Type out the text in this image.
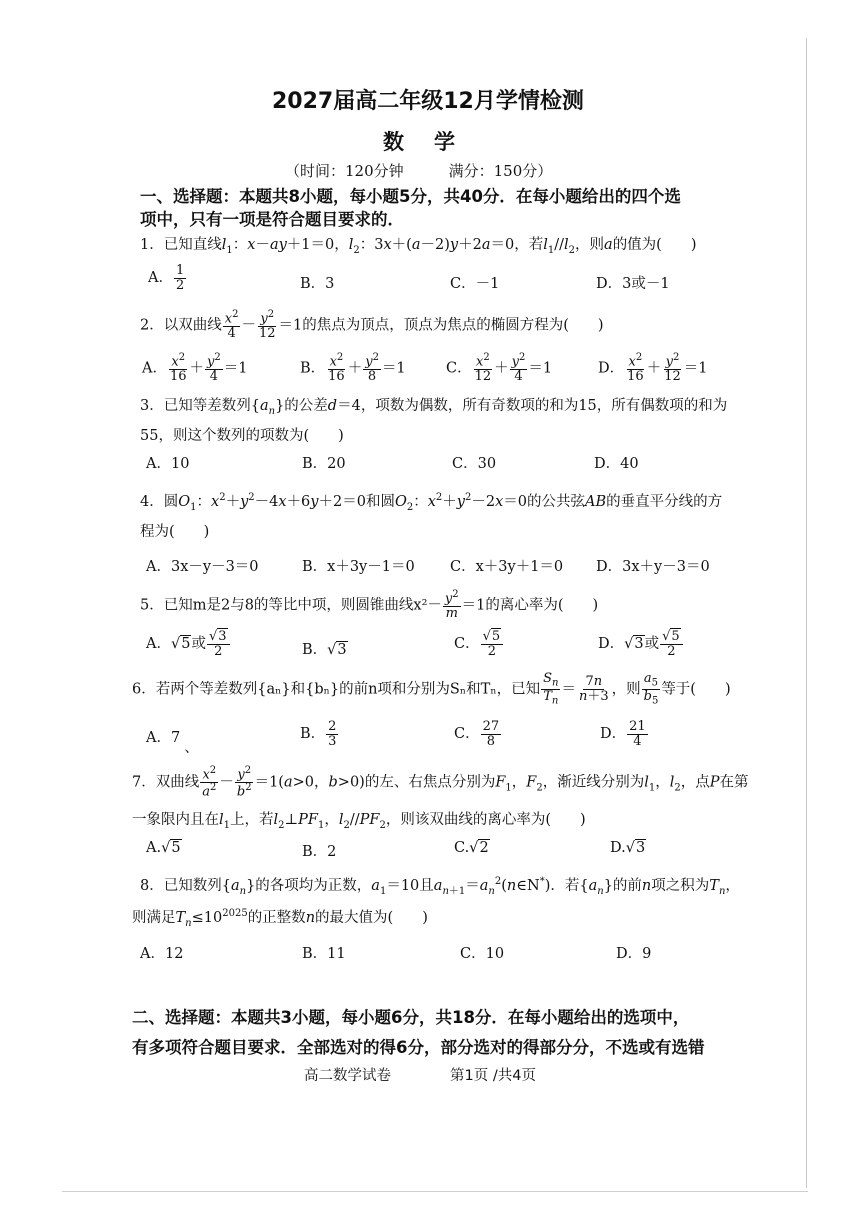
2027届高二年级12月学情检测
数学
（时间：120分钟　　　满分：150分）
一、选择题：本题共8小题，每小题5分，共40分．在每小题给出的四个选
项中，只有一项是符合题目要求的．
1．已知直线$l_1$：x－ay＋1＝0，$l_2$：3x＋(a－2)y＋2a＝0，若$l_1//l_2$，则a的值为(　　)
A． $\frac{1}{2}$	B．3	C．－1	D．3或－1
2．以双曲线 $\frac{x^2}{4} - \frac{y^2}{12} =1$的焦点为顶点，顶点为焦点的椭圆方程为(　　)
A． $\frac{x^2}{16} + \frac{y^2}{4} =1$	B． $\frac{x^2}{16} + \frac{y^2}{8} =1$	C． $\frac{x^2}{12} + \frac{y^2}{4} =1$	D． $\frac{x^2}{16} + \frac{y^2}{12} =1$
3．已知等差数列$\{a_n\}$的公差d＝4，项数为偶数，所有奇数项的和为15，所有偶数项的和为
55，则这个数列的项数为(　　)
A．10	B．20	C．30	D．40
4．圆$O_1$：$x^2+y^2-4x+6y+2=0$和圆$O_2$：$x^2+y^2-2x=0$的公共弦AB的垂直平分线的方
程为(　　)
A．3x－y－3＝0	B．x＋3y－1＝0 C．x＋3y＋1＝0 D．3x＋y－3＝0
5．已知m是2与8的等比中项，则圆锥曲线$x^2- \frac{y^2}{m} =1$的离心率为(　　)
A．√5或 $\frac{√3}{2}$	B．√3	C． $\frac{√5}{2}$	D．√3或 $\frac{√5}{2}$
6．若两个等差数列{aₙ}和{bₙ}的前n项和分别为Sₙ和Tₙ，已知 $\frac{S_n}{T_n} = \frac{7n}{n+3}$ ，则 $\frac{a_5}{b_5}$ 等于(　　)
A．7、
B． $\frac{2}{3}$	C． $\frac{27}{8}$	D． $\frac{21}{4}$
7．双曲线 $\frac{x^2}{a^2} - \frac{y^2}{b^2} =1(a>0$，b>0)的左、右焦点分别为$F_1$，$F_2$，渐近线分别为$l_1$，$l_2$，点P在第
一象限内且在$l_1$上，若$l_2\perp PF_1$，$l_2//PF_2$，则该双曲线的离心率为(　　)
A.√5	B．2	C.√2	D.√3
8．已知数列$\{a_n\}$的各项均为正数，$a_1=10$且$a_{n+1}=a_n^2(n\in N^*)$．若$\{a_n\}$的前n项之积为$T_n$，
则满足$T_n\le 10^{2025}$的正整数n的最大值为(　　)
A．12	B．11	C．10	D．9
二、选择题：本题共3小题，每小题6分，共18分．在每小题给出的选项中，
有多项符合题目要求．全部选对的得6分，部分选对的得部分分，不选或有选错
高二数学试卷	第1页 /共4页
